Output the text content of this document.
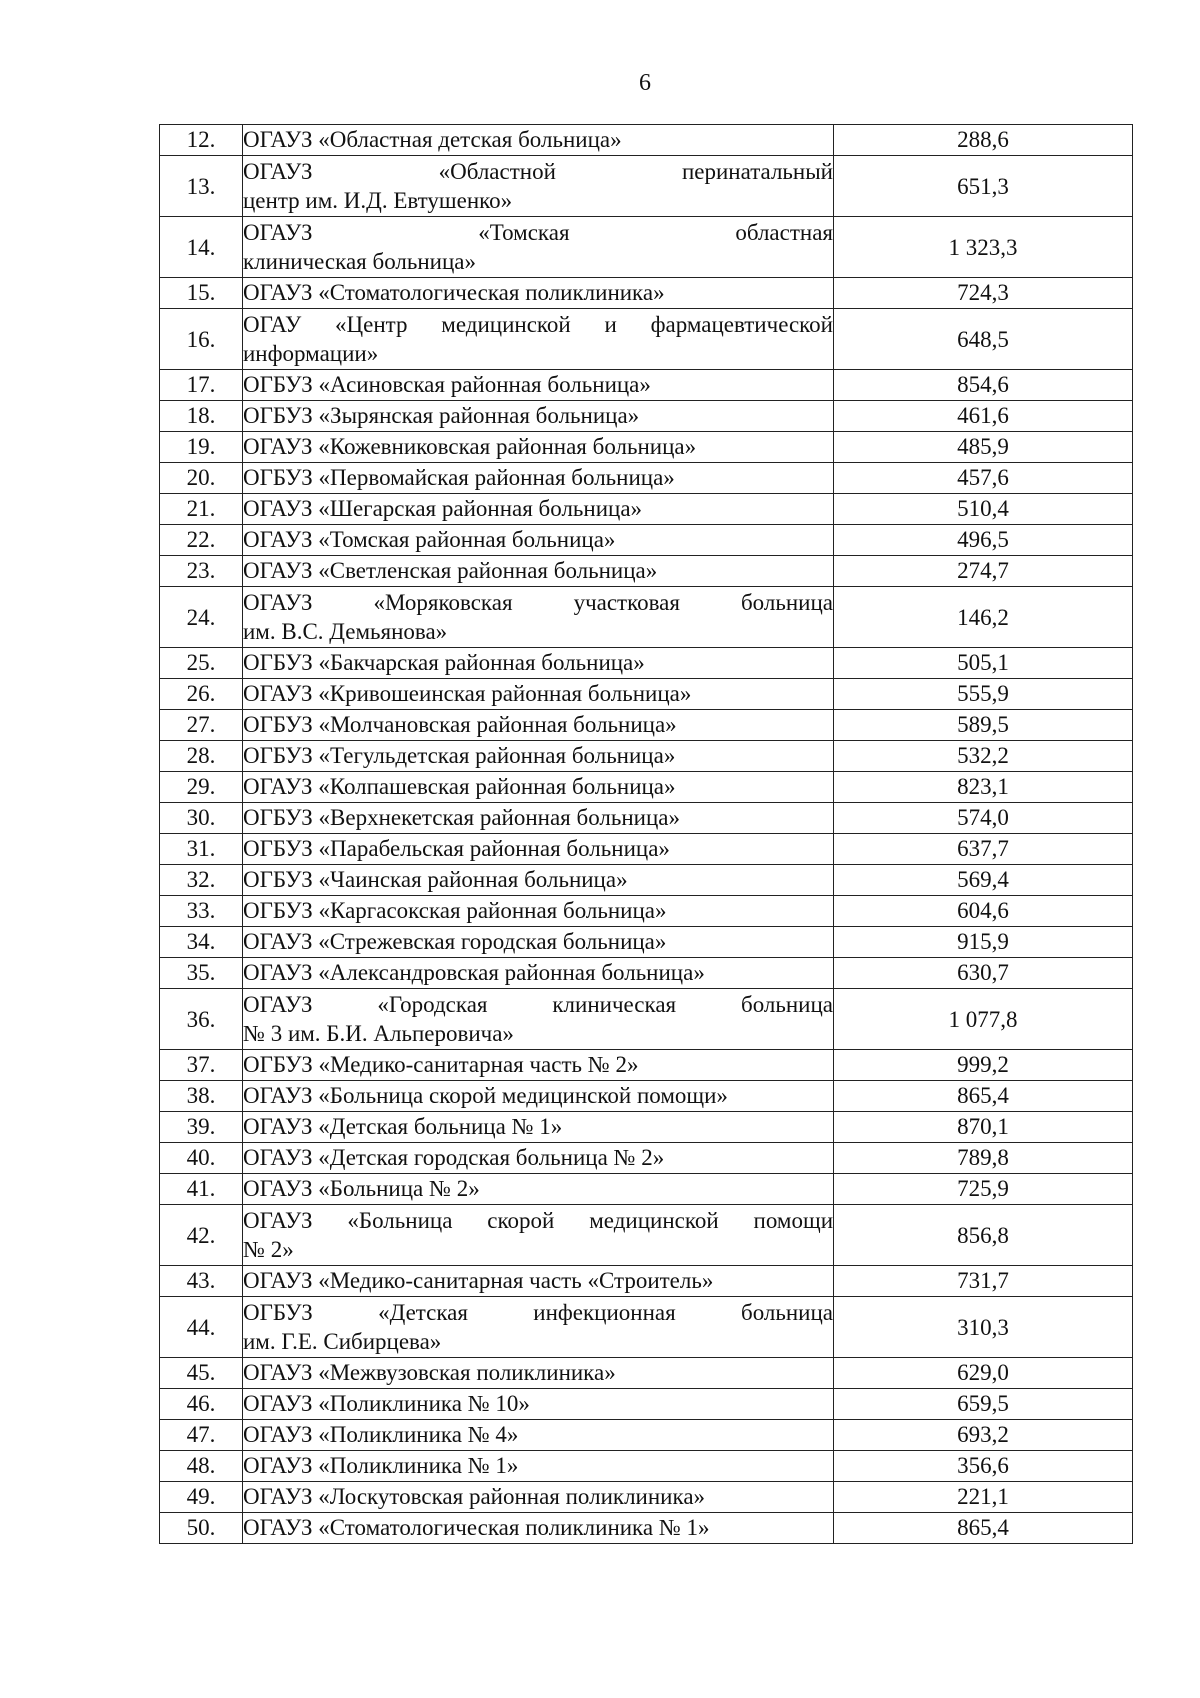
6
12.	ОГАУЗ «Областная детская больница»	288,6
13.	ОГАУЗ «Областной перинатальный
центр им. И.Д. Евтушенко»	651,3
14.	ОГАУЗ «Томская областная
клиническая больница»	1 323,3
15.	ОГАУЗ «Стоматологическая поликлиника»	724,3
16.	ОГАУ «Центр медицинской и фармацевтической
информации»	648,5
17.	ОГБУЗ «Асиновская районная больница»	854,6
18.	ОГБУЗ «Зырянская районная больница»	461,6
19.	ОГАУЗ «Кожевниковская районная больница»	485,9
20.	ОГБУЗ «Первомайская районная больница»	457,6
21.	ОГАУЗ «Шегарская районная больница»	510,4
22.	ОГАУЗ «Томская районная больница»	496,5
23.	ОГАУЗ «Светленская районная больница»	274,7
24.	ОГАУЗ «Моряковская участковая больница
им. В.С. Демьянова»	146,2
25.	ОГБУЗ «Бакчарская районная больница»	505,1
26.	ОГАУЗ «Кривошеинская районная больница»	555,9
27.	ОГБУЗ «Молчановская районная больница»	589,5
28.	ОГБУЗ «Тегульдетская районная больница»	532,2
29.	ОГАУЗ «Колпашевская районная больница»	823,1
30.	ОГБУЗ «Верхнекетская районная больница»	574,0
31.	ОГБУЗ «Парабельская районная больница»	637,7
32.	ОГБУЗ «Чаинская районная больница»	569,4
33.	ОГБУЗ «Каргасокская районная больница»	604,6
34.	ОГАУЗ «Стрежевская городская больница»	915,9
35.	ОГАУЗ «Александровская районная больница»	630,7
36.	ОГАУЗ «Городская клиническая больница
№ 3 им. Б.И. Альперовича»	1 077,8
37.	ОГБУЗ «Медико-санитарная часть № 2»	999,2
38.	ОГАУЗ «Больница скорой медицинской помощи»	865,4
39.	ОГАУЗ «Детская больница № 1»	870,1
40.	ОГАУЗ «Детская городская больница № 2»	789,8
41.	ОГАУЗ «Больница № 2»	725,9
42.	ОГАУЗ «Больница скорой медицинской помощи
№ 2»	856,8
43.	ОГАУЗ «Медико-санитарная часть «Строитель»	731,7
44.	ОГБУЗ «Детская инфекционная больница
им. Г.Е. Сибирцева»	310,3
45.	ОГАУЗ «Межвузовская поликлиника»	629,0
46.	ОГАУЗ «Поликлиника № 10»	659,5
47.	ОГАУЗ «Поликлиника № 4»	693,2
48.	ОГАУЗ «Поликлиника № 1»	356,6
49.	ОГАУЗ «Лоскутовская районная поликлиника»	221,1
50.	ОГАУЗ «Стоматологическая поликлиника № 1»	865,4
